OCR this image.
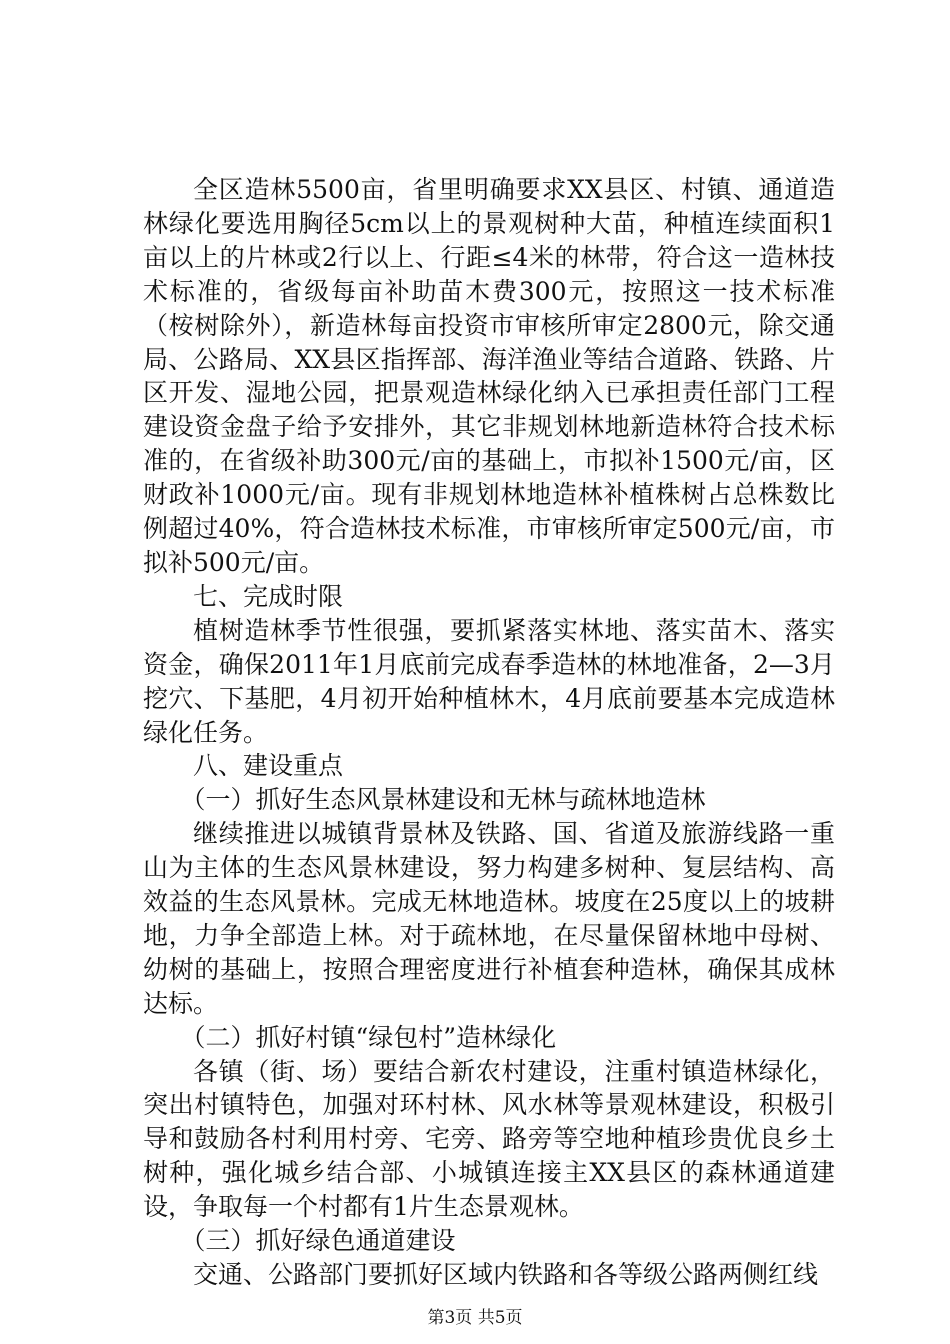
全区造林5500亩，省里明确要求XX县区、村镇、通道造林绿化要选用胸径5cm以上的景观树种大苗，种植连续面积1亩以上的片林或2行以上、行距≤4米的林带，符合这一造林技术标准的，省级每亩补助苗木费300元，按照这一技术标准（桉树除外），新造林每亩投资市审核所审定2800元，除交通局、公路局、XX县区指挥部、海洋渔业等结合道路、铁路、片区开发、湿地公园，把景观造林绿化纳入已承担责任部门工程建设资金盘子给予安排外，其它非规划林地新造林符合技术标准的，在省级补助300元/亩的基础上，市拟补1500元/亩，区财政补1000元/亩。现有非规划林地造林补植株树占总株数比例超过40%，符合造林技术标准，市审核所审定500元/亩，市拟补500元/亩。

七、完成时限

植树造林季节性很强，要抓紧落实林地、落实苗木、落实资金，确保2011年1月底前完成春季造林的林地准备，2—3月挖穴、下基肥，4月初开始种植林木，4月底前要基本完成造林绿化任务。

八、建设重点

（一）抓好生态风景林建设和无林与疏林地造林

继续推进以城镇背景林及铁路、国、省道及旅游线路一重山为主体的生态风景林建设，努力构建多树种、复层结构、高效益的生态风景林。完成无林地造林。坡度在25度以上的坡耕地，力争全部造上林。对于疏林地，在尽量保留林地中母树、幼树的基础上，按照合理密度进行补植套种造林，确保其成林达标。

（二）抓好村镇“绿包村”造林绿化

各镇（街、场）要结合新农村建设，注重村镇造林绿化，突出村镇特色，加强对环村林、风水林等景观林建设，积极引导和鼓励各村利用村旁、宅旁、路旁等空地种植珍贵优良乡土树种，强化城乡结合部、小城镇连接主XX县区的森林通道建设，争取每一个村都有1片生态景观林。

（三）抓好绿色通道建设

交通、公路部门要抓好区域内铁路和各等级公路两侧红线

第3页 共5页
